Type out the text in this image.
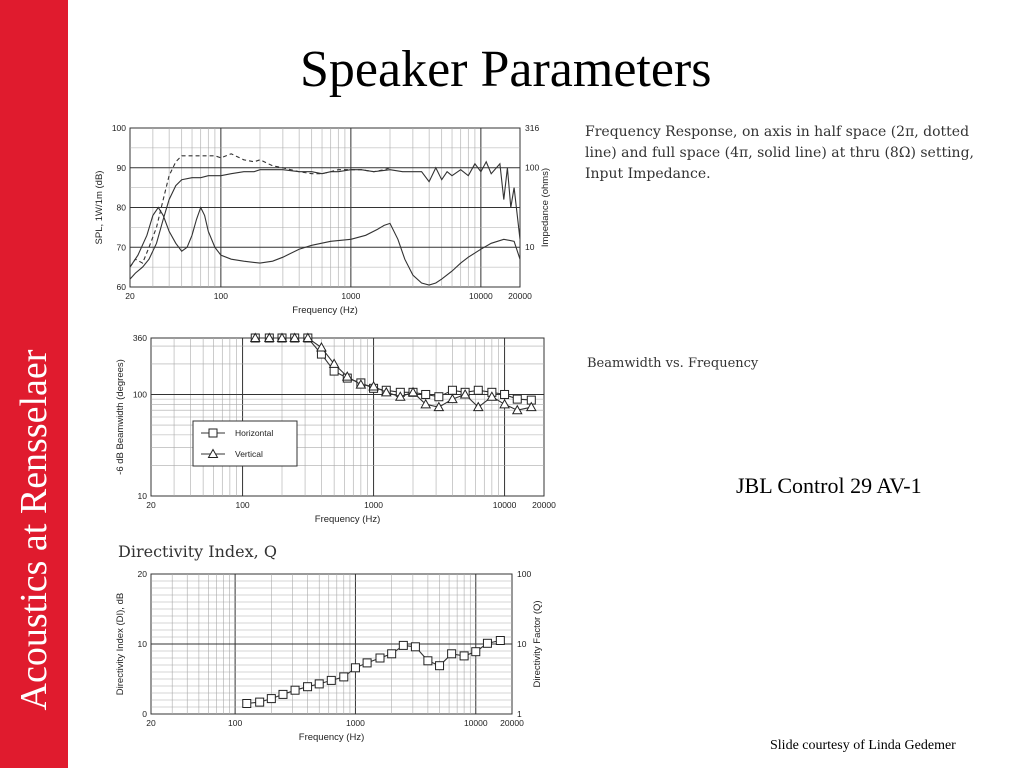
Acoustics at Rensselaer
Speaker Parameters
Frequency Response, on axis in half space (2π, dotted line) and full space (4π, solid line) at thru (8Ω) setting, Input Impedance.
Beamwidth vs. Frequency
Directivity Index, Q
JBL Control 29 AV-1
Slide courtesy of Linda Gedemer
20	100	1000	10000 20000
60
70
80
90
100
10
100
316
Frequency (Hz)
SPL, 1W/1m (dB)	Impedance (ohms)
20	100	1000	10000 20000
10
100
360
Frequency (Hz)
-6 dB Beamwidth (degrees)	Horizontal
Vertical
20	100	1000	10000 20000
0
10
20
1
10
100
Frequency (Hz)
Directivity Index (DI), dB	Directivity Factor (Q)
